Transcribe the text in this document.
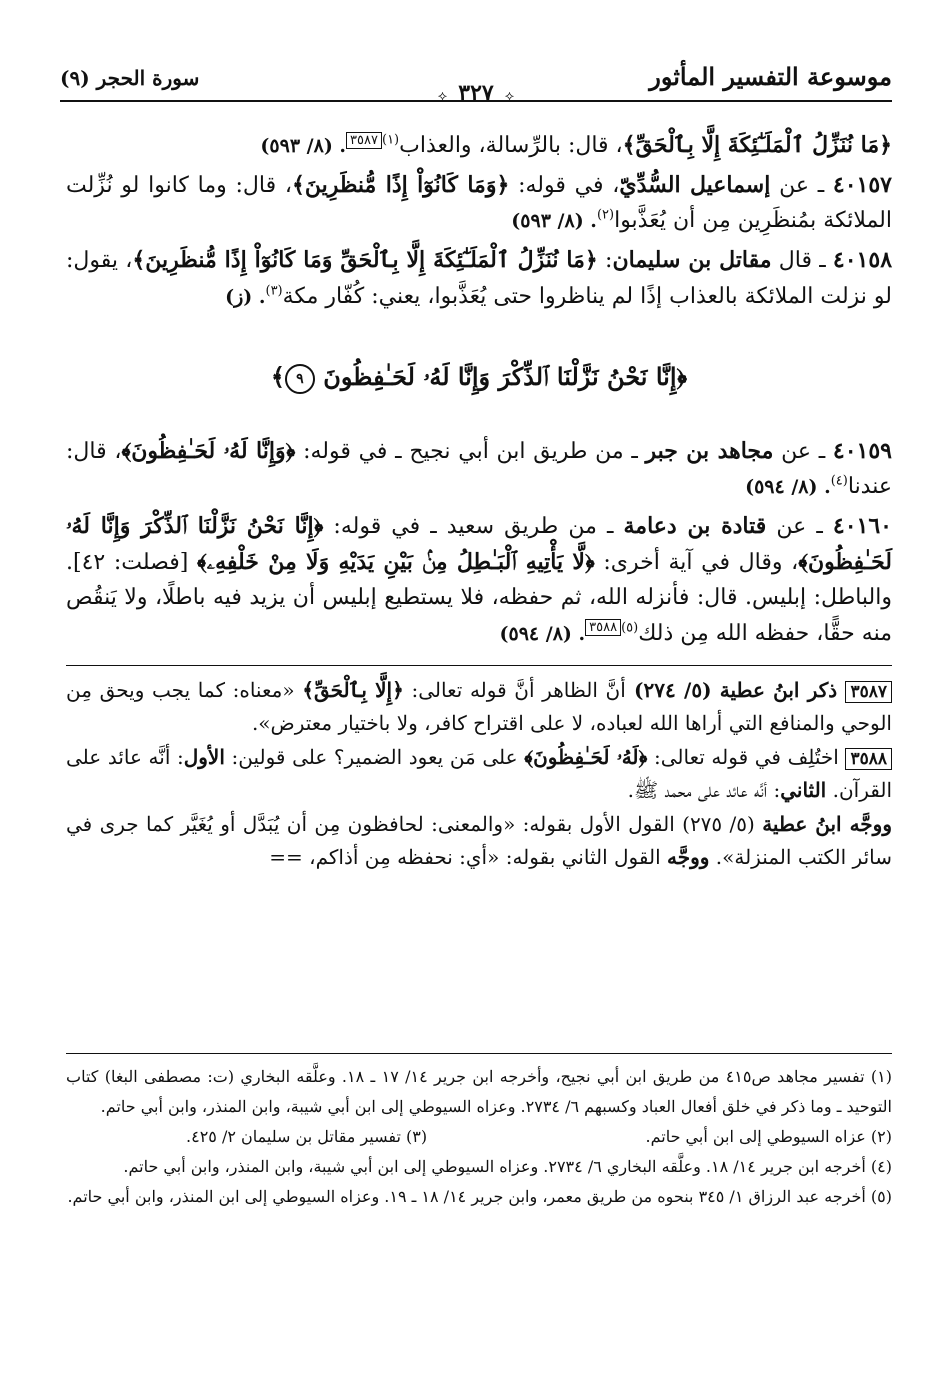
موسوعة التفسير المأثور
⟡ ٣٢٧ ⟡
سورة الحجر (٩)

﴿مَا نُنَزِّلُ ٱلْمَلَـٰٓئِكَةَ إِلَّا بِٱلْحَقِّ﴾، قال: بالرِّسالة، والعذاب$^{(١)٣٥٨٧}$. (٨/ ٥٩٣)

٤٠١٥٧ ـ عن إسماعيل السُّدِّيّ، في قوله: ﴿وَمَا كَانُوٓاْ إِذًا مُّنظَرِينَ﴾، قال: وما كانوا لو نُزِّلت الملائكة بمُنظَرِين مِن أن يُعَذَّبوا$^{(٢)}$. (٨/ ٥٩٣)

٤٠١٥٨ ـ قال مقاتل بن سليمان: ﴿مَا نُنَزِّلُ ٱلْمَلَـٰٓئِكَةَ إِلَّا بِٱلْحَقِّ وَمَا كَانُوٓاْ إِذًا مُّنظَرِينَ﴾، يقول: لو نزلت الملائكة بالعذاب إذًا لم يناظروا حتى يُعَذَّبوا، يعني: كُفّار مكة$^{(٣)}$. (ز)

﴿إِنَّا نَحْنُ نَزَّلْنَا ٱلذِّكْرَ وَإِنَّا لَهُۥ لَحَـٰفِظُونَ ٩﴾

٤٠١٥٩ ـ عن مجاهد بن جبر ـ من طريق ابن أبي نجيح ـ في قوله: ﴿وَإِنَّا لَهُۥ لَحَـٰفِظُونَ﴾، قال: عندنا$^{(٤)}$. (٨/ ٥٩٤)

٤٠١٦٠ ـ عن قتادة بن دعامة ـ من طريق سعيد ـ في قوله: ﴿إِنَّا نَحْنُ نَزَّلْنَا ٱلذِّكْرَ وَإِنَّا لَهُۥ لَحَـٰفِظُونَ﴾، وقال في آية أخرى: ﴿لَّا يَأْتِيهِ ٱلْبَـٰطِلُ مِنۢ بَيْنِ يَدَيْهِ وَلَا مِنْ خَلْفِهِۦ﴾ [فصلت: ٤٢]. والباطل: إبليس. قال: فأنزله الله، ثم حفظه، فلا يستطيع إبليس أن يزيد فيه باطلًا، ولا يَنقُص منه حقًّا، حفظه الله مِن ذلك$^{(٥)٣٥٨٨}$. (٨/ ٥٩٤)

٣٥٨٧ ذكر ابنُ عطية (٥/ ٢٧٤) أنَّ الظاهر أنَّ قوله تعالى: ﴿إِلَّا بِٱلْحَقِّ﴾ «معناه: كما يجب ويحق مِن الوحي والمنافع التي أراها الله لعباده، لا على اقتراح كافر، ولا باختيار معترض».

٣٥٨٨ اختُلِف في قوله تعالى: ﴿لَهُۥ لَحَـٰفِظُونَ﴾ على مَن يعود الضمير؟ على قولين: الأول: أنَّه عائد على القرآن. الثاني: أنَّه عائد على محمد ﷺ.

ووجَّه ابنُ عطية (٥/ ٢٧٥) القول الأول بقوله: «والمعنى: لحافظون مِن أن يُبَدَّل أو يُغَيَّر كما جرى في سائر الكتب المنزلة». ووجَّه القول الثاني بقوله: «أي: نحفظه مِن أذاكم، ==

(١) تفسير مجاهد ص٤١٥ من طريق ابن أبي نجيح، وأخرجه ابن جرير ١٤/ ١٧ ـ ١٨. وعلَّقه البخاري (ت: مصطفى البغا) كتاب التوحيد ـ وما ذكر في خلق أفعال العباد وكسبهم ٦/ ٢٧٣٤. وعزاه السيوطي إلى ابن أبي شيبة، وابن المنذر، وابن أبي حاتم.

(٢) عزاه السيوطي إلى ابن أبي حاتم.
(٣) تفسير مقاتل بن سليمان ٢/ ٤٢٥.

(٤) أخرجه ابن جرير ١٤/ ١٨. وعلَّقه البخاري ٦/ ٢٧٣٤. وعزاه السيوطي إلى ابن أبي شيبة، وابن المنذر، وابن أبي حاتم.

(٥) أخرجه عبد الرزاق ١/ ٣٤٥ بنحوه من طريق معمر، وابن جرير ١٤/ ١٨ ـ ١٩. وعزاه السيوطي إلى ابن المنذر، وابن أبي حاتم.
